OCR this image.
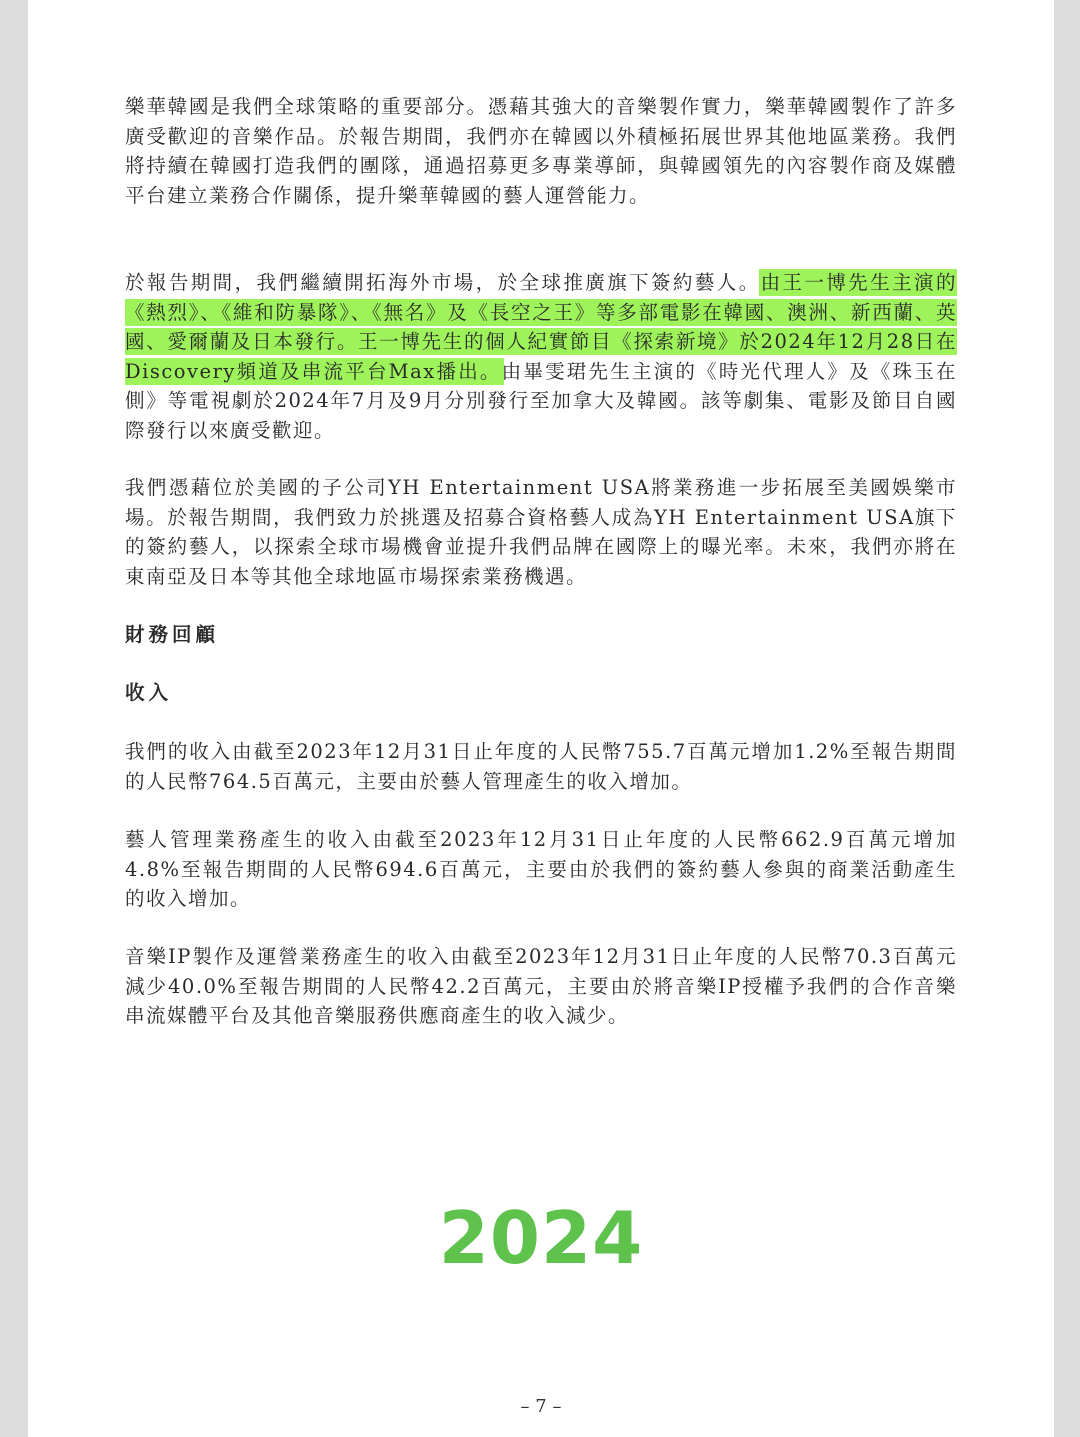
樂華韓國是我們全球策略的重要部分。憑藉其強大的音樂製作實力，樂華韓國製作了許多廣受歡迎的音樂作品。於報告期間，我們亦在韓國以外積極拓展世界其他地區業務。我們將持續在韓國打造我們的團隊，通過招募更多專業導師，與韓國領先的內容製作商及媒體平台建立業務合作關係，提升樂華韓國的藝人運營能力。

於報告期間，我們繼續開拓海外市場，於全球推廣旗下簽約藝人。由王一博先生主演的《熱烈》、《維和防暴隊》、《無名》及《長空之王》等多部電影在韓國、澳洲、新西蘭、英國、愛爾蘭及日本發行。王一博先生的個人紀實節目《探索新境》於2024年12月28日在Discovery頻道及串流平台Max播出。由畢雯珺先生主演的《時光代理人》及《珠玉在側》等電視劇於2024年7月及9月分別發行至加拿大及韓國。該等劇集、電影及節目自國際發行以來廣受歡迎。

我們憑藉位於美國的子公司YH Entertainment USA將業務進一步拓展至美國娛樂市場。於報告期間，我們致力於挑選及招募合資格藝人成為YH Entertainment USA旗下的簽約藝人，以探索全球市場機會並提升我們品牌在國際上的曝光率。未來，我們亦將在東南亞及日本等其他全球地區市場探索業務機遇。

財務回顧

收入

我們的收入由截至2023年12月31日止年度的人民幣755.7百萬元增加1.2%至報告期間的人民幣764.5百萬元，主要由於藝人管理產生的收入增加。

藝人管理業務產生的收入由截至2023年12月31日止年度的人民幣662.9百萬元增加4.8%至報告期間的人民幣694.6百萬元，主要由於我們的簽約藝人參與的商業活動產生的收入增加。

音樂IP製作及運營業務產生的收入由截至2023年12月31日止年度的人民幣70.3百萬元減少40.0%至報告期間的人民幣42.2百萬元，主要由於將音樂IP授權予我們的合作音樂串流媒體平台及其他音樂服務供應商產生的收入減少。

2024

– 7 –
